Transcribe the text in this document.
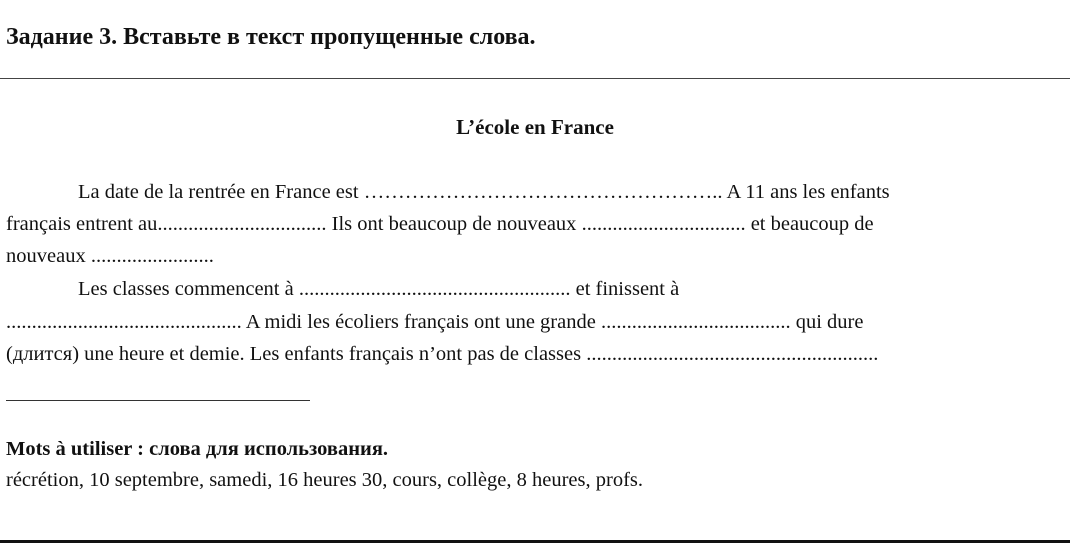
Задание 3. Вставьте в текст пропущенные слова.
L’école en France
La date de la rentrée en France est …………………………………………….. A 11 ans les enfants
français entrent au................................. Ils ont beaucoup de nouveaux ................................ et beaucoup de
nouveaux ........................
Les classes commencent à ..................................................... et finissent à
.............................................. A midi les écoliers français ont une grande ..................................... qui dure
(длится) une heure et demie. Les enfants français n’ont pas de classes .........................................................
Mots à utiliser : слова для использования.
récrétion, 10 septembre, samedi, 16 heures 30, cours, collège, 8 heures, profs.
